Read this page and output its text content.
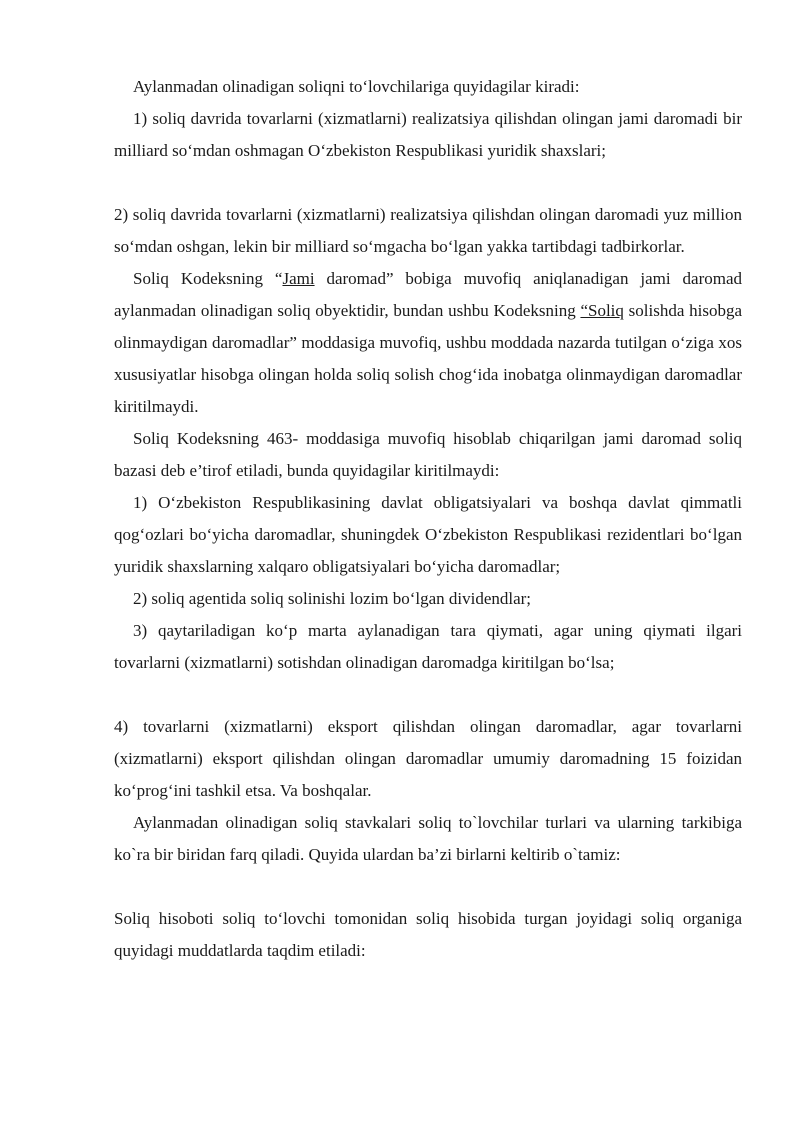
Aylanmadan olinadigan soliqni to‘lovchilariga quyidagilar kiradi:

1) soliq davrida tovarlarni (xizmatlarni) realizatsiya qilishdan olingan jami daromadi bir milliard so‘mdan oshmagan O‘zbekiston Respublikasi yuridik shaxslari;

2) soliq davrida tovarlarni (xizmatlarni) realizatsiya qilishdan olingan daromadi yuz million so‘mdan oshgan, lekin bir milliard so‘mgacha bo‘lgan yakka tartibdagi tadbirkorlar.

Soliq Kodeksning “Jami daromad” bobiga muvofiq aniqlanadigan jami daromad aylanmadan olinadigan soliq obyektidir, bundan ushbu Kodeksning “Soliq solishda hisobga olinmaydigan daromadlar” moddasiga muvofiq, ushbu moddada nazarda tutilgan o‘ziga xos xususiyatlar hisobga olingan holda soliq solish chog‘ida inobatga olinmaydigan daromadlar kiritilmaydi.

Soliq Kodeksning 463- moddasiga muvofiq hisoblab chiqarilgan jami daromad soliq bazasi deb e’tirof etiladi, bunda quyidagilar kiritilmaydi:

1) O‘zbekiston Respublikasining davlat obligatsiyalari va boshqa davlat qimmatli qog‘ozlari bo‘yicha daromadlar, shuningdek O‘zbekiston Respublikasi rezidentlari bo‘lgan yuridik shaxslarning xalqaro obligatsiyalari bo‘yicha daromadlar;

2) soliq agentida soliq solinishi lozim bo‘lgan dividendlar;

3) qaytariladigan ko‘p marta aylanadigan tara qiymati, agar uning qiymati ilgari tovarlarni (xizmatlarni) sotishdan olinadigan daromadga kiritilgan bo‘lsa;

4) tovarlarni (xizmatlarni) eksport qilishdan olingan daromadlar, agar tovarlarni (xizmatlarni) eksport qilishdan olingan daromadlar umumiy daromadning 15 foizidan ko‘prog‘ini tashkil etsa. Va boshqalar.

Aylanmadan olinadigan soliq stavkalari soliq to`lovchilar turlari va ularning tarkibiga ko`ra bir biridan farq qiladi. Quyida ulardan ba’zi birlarni keltirib o`tamiz:

Soliq hisoboti soliq to‘lovchi tomonidan soliq hisobida turgan joyidagi soliq organiga quyidagi muddatlarda taqdim etiladi:
